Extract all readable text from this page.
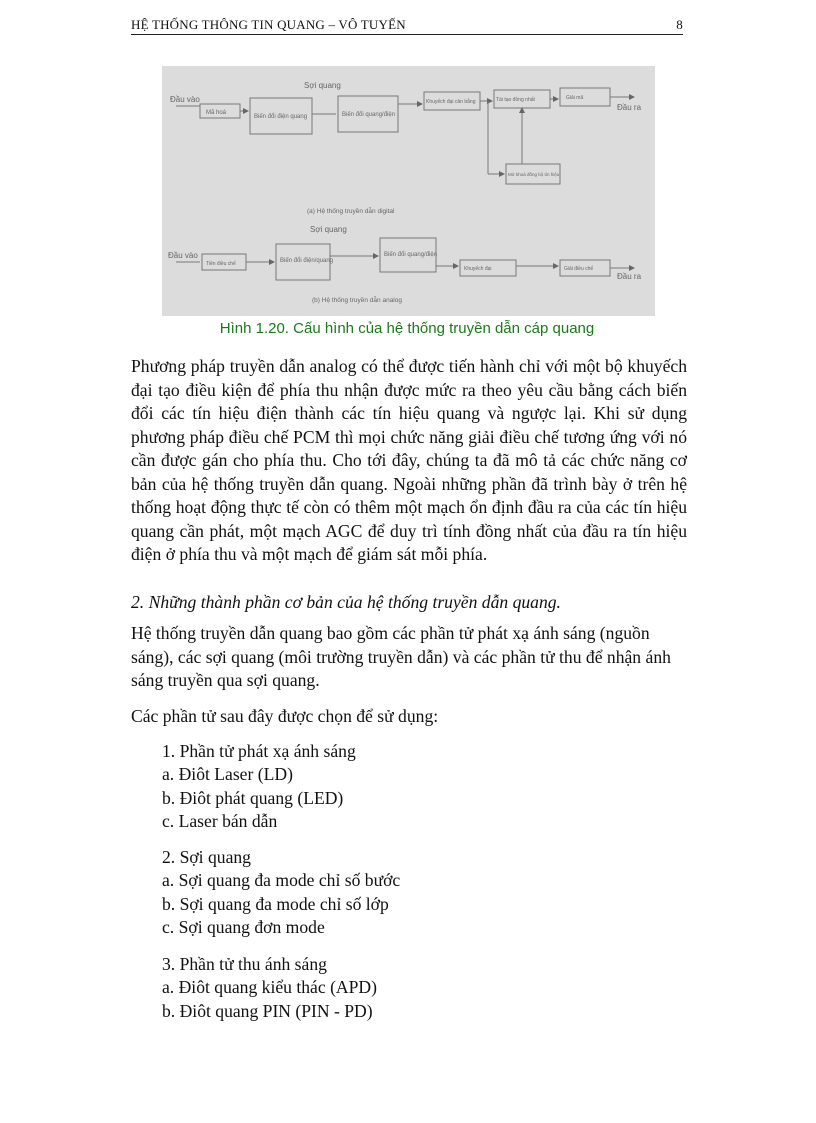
HỆ THỐNG THÔNG TIN QUANG – VÔ TUYẾN	8
Sợi quang
Đầu vào
Đầu ra
Mã hoá
Biến đổi điện quang	Biến đổi quang/điện
Khuyếch đại cân bằng	Tái tạo đồng nhất	Giải mã
Mở khoá đồng bộ tín hiệu
(a) Hệ thống truyền dẫn digital
Sợi quang
Đầu vào
Đầu ra
Tiền điều chế	Biến đổi điện/quang
Biến đổi quang/điện
Khuyếch đại	Giải điều chế
(b) Hệ thống truyền dẫn analog
Hình 1.20. Cấu hình của hệ thống truyền dẫn cáp quang

Phương pháp truyền dẫn analog có thể được tiến hành chỉ với một bộ khuyếch đại tạo điều kiện để phía thu nhận được mức ra theo yêu cầu bằng cách biến đổi các tín hiệu điện thành các tín hiệu quang và ngược lại. Khi sử dụng phương pháp điều chế PCM thì mọi chức năng giải điều chế tương ứng với nó cần được gán cho phía thu. Cho tới đây, chúng ta đã mô tả các chức năng cơ bản của hệ thống truyền dẫn quang. Ngoài những phần đã trình bày ở trên hệ thống hoạt động thực tế còn có thêm một mạch ổn định đầu ra của các tín hiệu quang cần phát, một mạch AGC để duy trì tính đồng nhất của đầu ra tín hiệu điện ở phía thu và một mạch để giám sát mỗi phía.

2. Những thành phần cơ bản của hệ thống truyền dẫn quang.

Hệ thống truyền dẫn quang bao gồm các phần tử phát xạ ánh sáng (nguồn sáng), các sợi quang (môi trường truyền dẫn) và các phần tử thu để nhận ánh sáng truyền qua sợi quang.

Các phần tử sau đây được chọn để sử dụng:

1. Phần tử phát xạ ánh sáng
a. Điôt Laser (LD)
b. Điôt phát quang (LED)
c. Laser bán dẫn
2. Sợi quang
a. Sợi quang đa mode chỉ số bước
b. Sợi quang đa mode chỉ số lớp
c. Sợi quang đơn mode
3. Phần tử thu ánh sáng
a. Điôt quang kiểu thác (APD)
b. Điôt quang PIN (PIN - PD)
